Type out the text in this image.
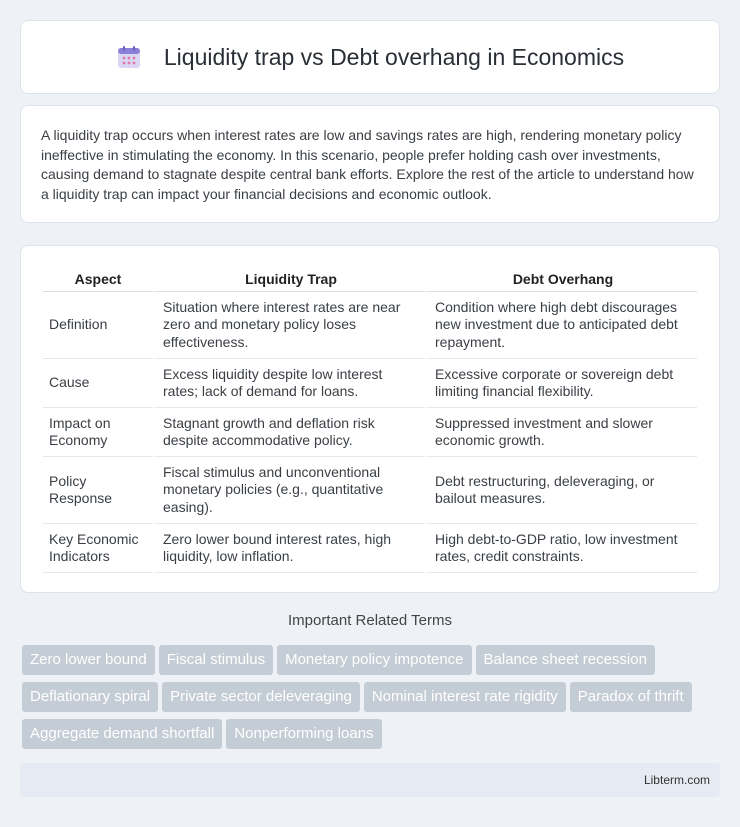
Liquidity trap vs Debt overhang in Economics

A liquidity trap occurs when interest rates are low and savings rates are high, rendering monetary policy ineffective in stimulating the economy. In this scenario, people prefer holding cash over investments, causing demand to stagnate despite central bank efforts. Explore the rest of the article to understand how a liquidity trap can impact your financial decisions and economic outlook.

Aspect	Liquidity Trap	Debt Overhang
Definition	Situation where interest rates are near zero and monetary policy loses effectiveness.	Condition where high debt discourages new investment due to anticipated debt repayment.
Cause	Excess liquidity despite low interest rates; lack of demand for loans.	Excessive corporate or sovereign debt limiting financial flexibility.
Impact on Economy	Stagnant growth and deflation risk despite accommodative policy.	Suppressed investment and slower economic growth.
Policy Response	Fiscal stimulus and unconventional monetary policies (e.g., quantitative easing).	Debt restructuring, deleveraging, or bailout measures.
Key Economic Indicators	Zero lower bound interest rates, high liquidity, low inflation.	High debt-to-GDP ratio, low investment rates, credit constraints.
Important Related Terms
Zero lower bound Fiscal stimulus Monetary policy impotence Balance sheet recessionDeflationary spiral Private sector deleveraging Nominal interest rate rigidity Paradox of thriftAggregate demand shortfall Nonperforming loans
Libterm.com
